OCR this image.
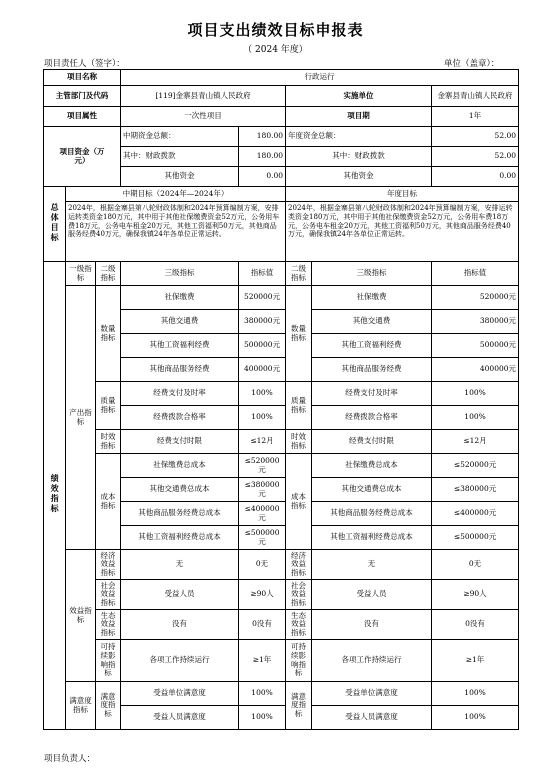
项目支出绩效目标申报表
（ 2024 年度）
项目责任人（签字）：	单位（盖章）：
项目名称			行政运行				
主管部门及代码			[119]金寨县青山镇人民政府		实施单位		金寨县青山镇人民政府
项目属性			一次性项目		项目期		1年
项目资金（万元）			中期资金总额：	180.00	年度资金总额：		52.00
			其中：财政拨款	180.00	其中：财政拨款		52.00
			其他资金	0.00	其他资金		0.00
总体目标	中期目标（2024年—2024年）				年度目标		
	2024年，根据金寨县第八轮财政体制和2024年预算编制方案，安排运转类资金180万元，其中用于其他社保缴费资金52万元，公务用车费18万元，公务电车租金20万元，其他工资福利50万元，其他商品服务经费40万元，确保我镇24年各单位正常运转。				2024年，根据金寨县第八轮财政体制和2024年预算编制方案，安排运转类资金180万元，其中用于其他社保缴费资金52万元，公务用车费18万元，公务电车租金20万元，其他工资福利50万元，其他商品服务经费40万元，确保我镇24年各单位正常运转。		
绩效指标	一级指标	二级指标	三级指标	指标值	二级指标	三级指标	指标值
	产出指标	数量指标	社保缴费	520000元	数量指标	社保缴费	520000元
			其他交通费	380000元		其他交通费	380000元
			其他工资福利经费	500000元		其他工资福利经费	500000元
			其他商品服务经费	400000元		其他商品服务经费	400000元
		质量指标	经费支付及时率	100%	质量指标	经费支付及时率	100%
			经费拨款合格率	100%		经费拨款合格率	100%
		时效指标	经费支付时限	≤12月	时效指标	经费支付时限	≤12月
		成本指标	社保缴费总成本	≤520000元	成本指标	社保缴费总成本	≤520000元
			其他交通费总成本	≤380000元		其他交通费总成本	≤380000元
			其他商品服务经费总成本	≤400000元		其他商品服务经费总成本	≤400000元
			其他工资福利经费总成本	≤500000元		其他工资福利经费总成本	≤500000元
	效益指标	经济效益指标	无	0无	经济效益指标	无	0无
		社会效益指标	受益人员	≥90人	社会效益指标	受益人员	≥90人
		生态效益指标	没有	0没有	生态效益指标	没有	0没有
		可持续影响指标	各项工作持续运行	≥1年	可持续影响指标	各项工作持续运行	≥1年
	满意度指标	满意度指标	受益单位满意度	100%	满意度指标	受益单位满意度	100%
			受益人员满意度	100%		受益人员满意度	100%
项目负责人：
